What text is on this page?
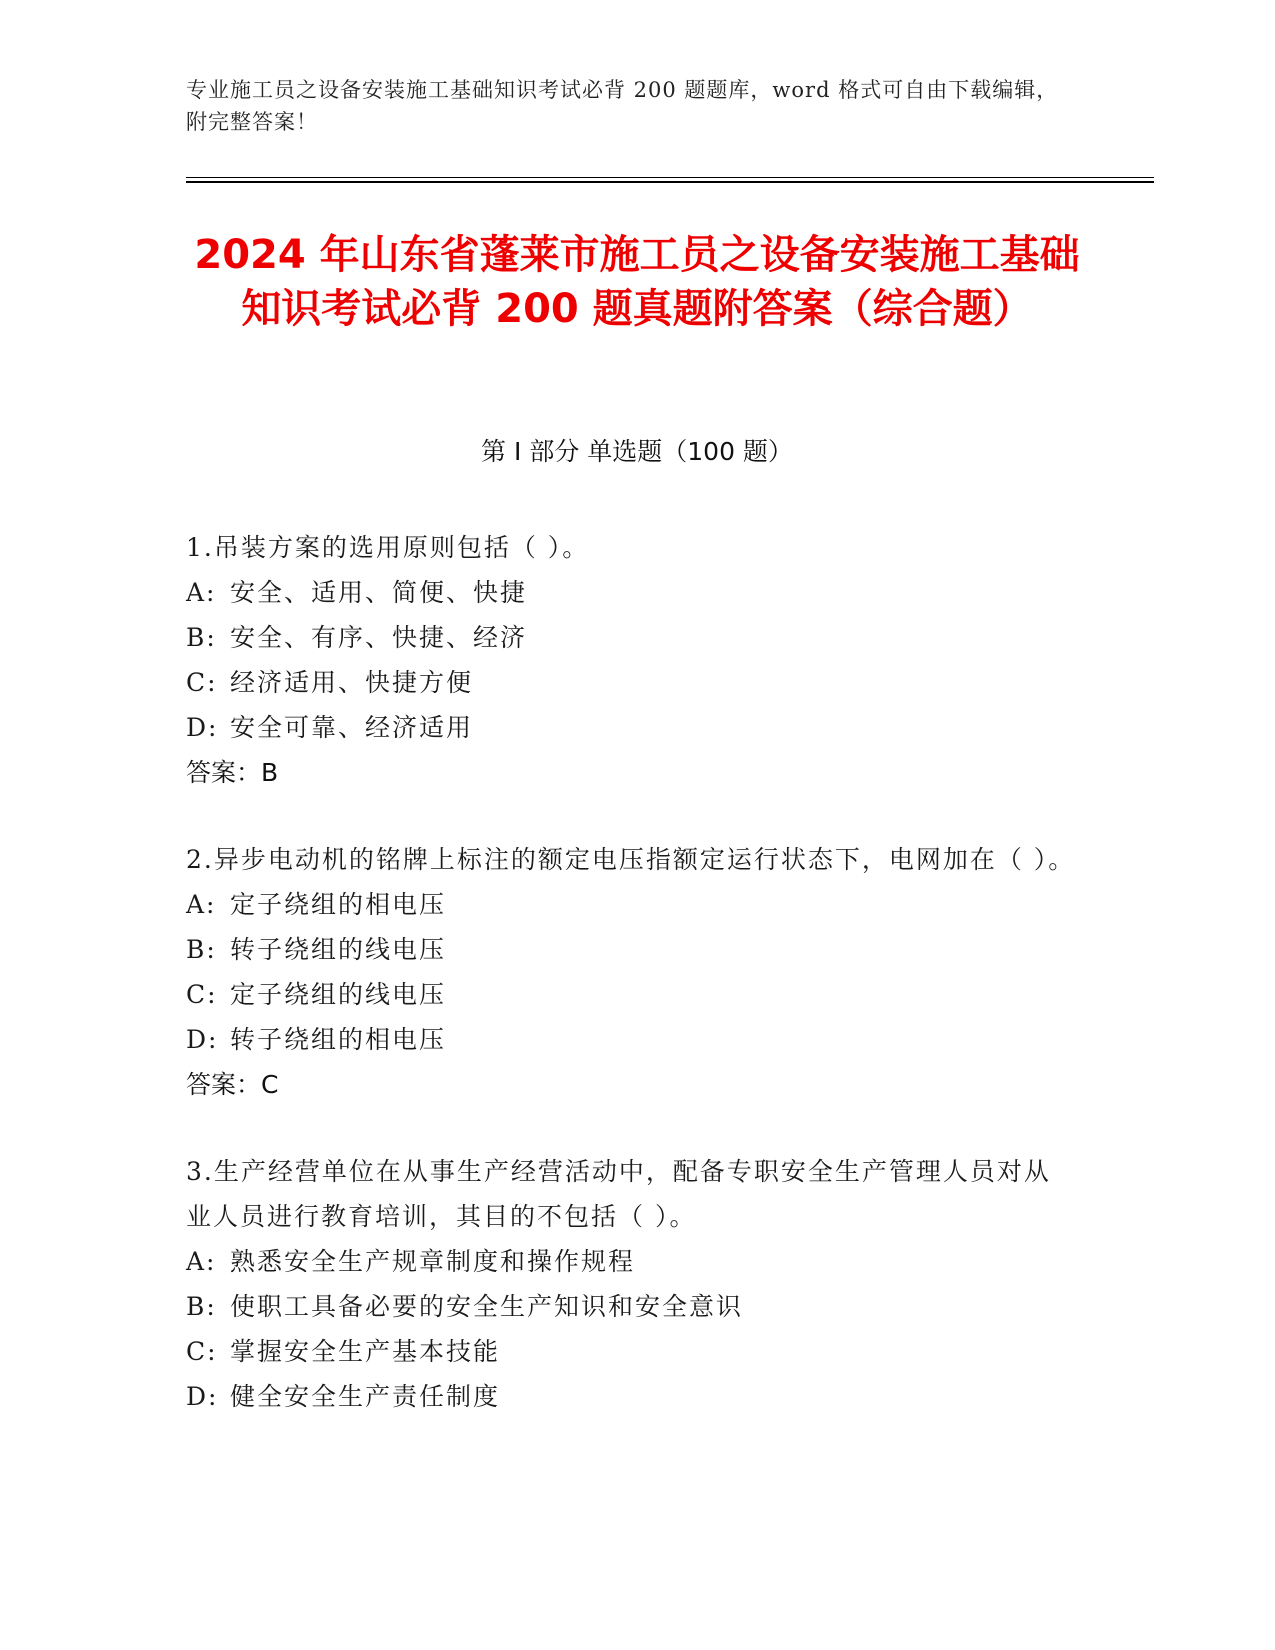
专业施工员之设备安装施工基础知识考试必背 200 题题库，word 格式可自由下载编辑，附完整答案！
2024 年山东省蓬莱市施工员之设备安装施工基础知识考试必背 200 题真题附答案（综合题）
第 I 部分 单选题（100 题）
1.吊装方案的选用原则包括（ ）。
A: 安全、适用、简便、快捷
B: 安全、有序、快捷、经济
C: 经济适用、快捷方便
D: 安全可靠、经济适用
答案：B
2.异步电动机的铭牌上标注的额定电压指额定运行状态下，电网加在（ ）。
A: 定子绕组的相电压
B: 转子绕组的线电压
C: 定子绕组的线电压
D: 转子绕组的相电压
答案：C
3.生产经营单位在从事生产经营活动中，配备专职安全生产管理人员对从业人员进行教育培训，其目的不包括（ ）。
A: 熟悉安全生产规章制度和操作规程
B: 使职工具备必要的安全生产知识和安全意识
C: 掌握安全生产基本技能
D: 健全安全生产责任制度
